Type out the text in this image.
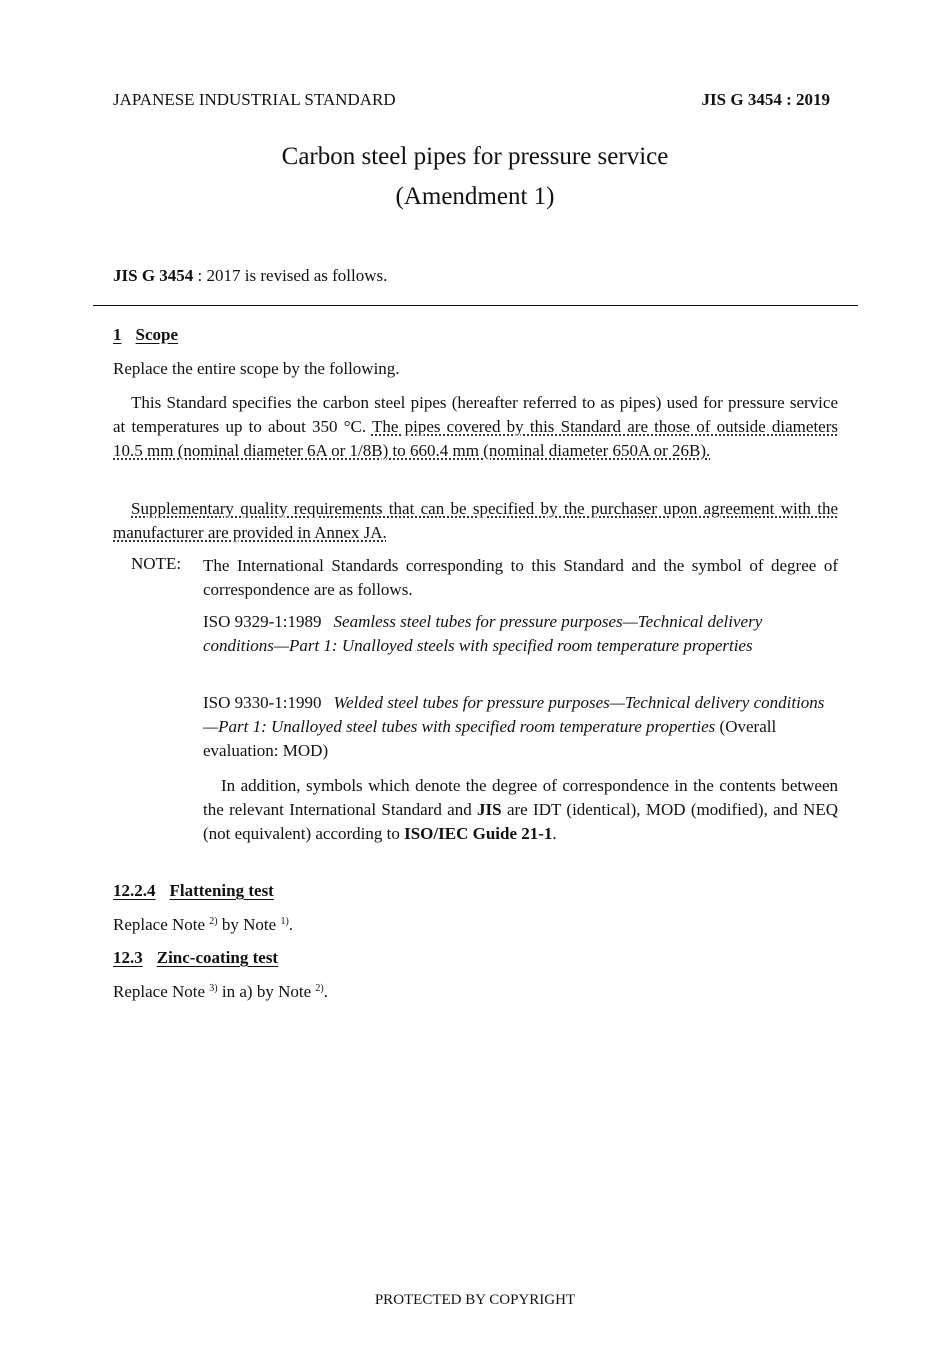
JAPANESE INDUSTRIAL STANDARD	JIS G 3454 : 2019
Carbon steel pipes for pressure service
(Amendment 1)
JIS G 3454 : 2017 is revised as follows.
1 Scope
Replace the entire scope by the following.
This Standard specifies the carbon steel pipes (hereafter referred to as pipes) used for pressure service at temperatures up to about 350 °C. The pipes covered by this Standard are those of outside diameters 10.5 mm (nominal diameter 6A or 1/8B) to 660.4 mm (nominal diameter 650A or 26B).
Supplementary quality requirements that can be specified by the purchaser upon agreement with the manufacturer are provided in Annex JA.
NOTE: The International Standards corresponding to this Standard and the symbol of degree of correspondence are as follows.
ISO 9329-1:1989 Seamless steel tubes for pressure purposes—Technical delivery conditions—Part 1: Unalloyed steels with specified room temperature properties
ISO 9330-1:1990 Welded steel tubes for pressure purposes—Technical delivery conditions—Part 1: Unalloyed steel tubes with specified room temperature properties (Overall evaluation: MOD)
In addition, symbols which denote the degree of correspondence in the contents between the relevant International Standard and JIS are IDT (identical), MOD (modified), and NEQ (not equivalent) according to ISO/IEC Guide 21-1.
12.2.4 Flattening test
Replace Note $^{2)}$ by Note $^{1)}$.
12.3 Zinc-coating test
Replace Note $^{3)}$ in a) by Note $^{2)}$.
PROTECTED BY COPYRIGHT
